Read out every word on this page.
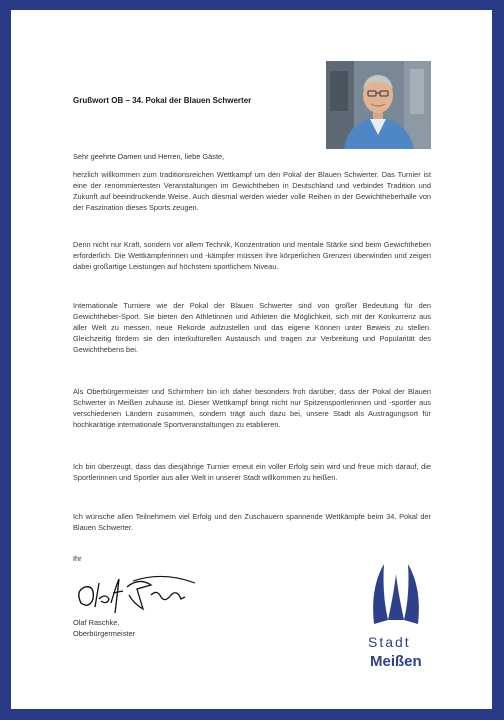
Grußwort OB – 34. Pokal der Blauen Schwerter
Sehr geehrte Damen und Herren, liebe Gäste,

herzlich willkommen zum traditionsreichen Wettkampf um den Pokal der Blauen Schwerter. Das Turnier ist eine der renommiertesten Veranstaltungen im Gewichtheben in Deutschland und verbindet Tradition und Zukunft auf beeindruckende Weise. Auch diesmal werden wieder volle Reihen in der Gewichtheberhalle von der Faszination dieses Sports zeugen.

Denn nicht nur Kraft, sondern vor allem Technik, Konzentration und mentale Stärke sind beim Gewichtheben erforderlich. Die Wettkämpferinnen und -kämpfer müssen ihre körperlichen Grenzen überwinden und zeigen dabei großartige Leistungen auf höchstem sportlichem Niveau.

Internationale Turniere wie der Pokal der Blauen Schwerter sind von großer Bedeutung für den Gewichtheber-Sport. Sie bieten den Athletinnen und Athleten die Möglichkeit, sich mit der Konkurrenz aus aller Welt zu messen, neue Rekorde aufzustellen und das eigene Können unter Beweis zu stellen. Gleichzeitig fördern sie den interkulturellen Austausch und tragen zur Verbreitung und Popularität des Gewichthebens bei.

Als Oberbürgermeister und Schirmherr bin ich daher besonders froh darüber, dass der Pokal der Blauen Schwerter in Meißen zuhause ist. Dieser Wettkampf bringt nicht nur Spitzensportlerinnen und -sportler aus verschiedenen Ländern zusammen, sondern trägt auch dazu bei, unsere Stadt als Austragungsort für hochkarätige internationale Sportveranstaltungen zu etablieren.

Ich bin überzeugt, dass das diesjährige Turnier erneut ein voller Erfolg sein wird und freue mich darauf, die Sportlerinnen und Sportler aus aller Welt in unserer Stadt willkommen zu heißen.

Ich wünsche allen Teilnehmern viel Erfolg und den Zuschauern spannende Wettkämpfe beim 34. Pokal der Blauen Schwerter.

Ihr
Olaf Raschke,
Oberbürgermeister
Stadt
Meißen
